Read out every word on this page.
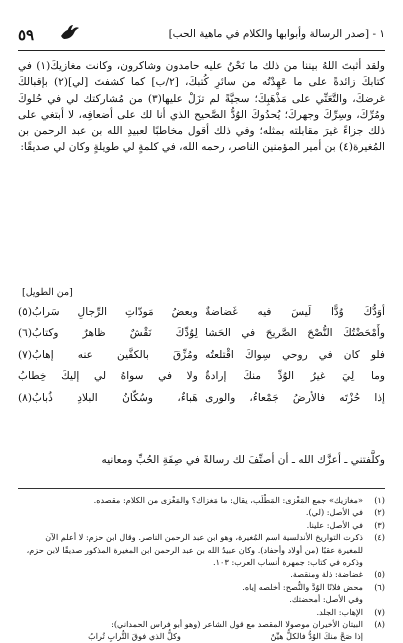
٥٩	١ - [صدر الرسالة وأبوابها والكلام في ماهية الحب]

ولقد أثبتَ اللهُ بيننا من ذلك ما نَحْنُ عليه حامدون وشاكرون، وكانت مغازيكَ(١) في كتابكَ زائدةً على ما عَهِدْتُه من سائرِ كُتبكَ، [٢/ب] كما كشفتَ [لي](٢) بإقبالكَ غرضكَ، والتَّعَنِّي على مَذْهَبِكَ؛ سجيَّةً لم تزَلْ عليها(٣) من مُشاركتك لي في حُلوكَ ومُرِّكَ، وسِرِّكَ وجهركَ؛ يُحدُوكَ الوُدُّ الصَّحيح الذي أنا لك على أضعافِه، لا أبتغي على ذلك جزاءً غيرَ مقابلته بمثله؛ وفي ذلك أقول مخاطبًا لعبيدِ الله بن عبد الرحمن بن المُغيرة(٤) بن أمير المؤمنين الناصر، رحمه الله، في كلمةٍ لي طويلةٍ وكان لي صديقًا:

[من الطويل]
أوَدُّكَ وُدًّا لَيسَ فيه غَضاضةٌ
وبعضُ مَودّاتِ الرِّجالِ سَرابُ(٥)
وأَمْحَضْتُكَ النُّصْحَ الصَّريحَ في الحَشا
لِوُدِّكَ نَقْشٌ ظاهرٌ وكتابُ(٦)
فلو كان في روحي سِواكَ اقْتلعتُه
ومُزِّقَ بالكفَّين عنه إهابُ(٧)
وما لِيَ غيرُ الوُدِّ منكَ إرادةٌ
ولا في سواهُ لي إليكَ خِطابُ
إذا حُزْتَه فالأرضُ جَمْعاءُ، والورى
هَباءٌ، وسُكّانُ البلادِ ذُبابُ(٨)

وكلَّفتني ـ أعزَّك الله ـ أن أصنِّفَ لك رسالةً في صِفَةِ الحُبِّ ومعانيه

(١)
«مغازيك» جمع المَغْزى: المَطْلَب، يقال: ما مَغزاك؟ والمَغْزى من الكلام: مقصده.
(٢)
في الأصل: (لي).
(٣)
في الأصل: علينا.
(٤)
ذكرت التواريخ الأندلسية اسم المُغيرة، وهو ابن عبد الرحمن الناصر. وقال ابن حزم: لا أعلم الآن للمغيرة عقبًا (من أولاد وأحفاد). وكان عبيدُ الله بن عبد الرحمن ابن المغيرة المذكور صديقًا لابن حزم، وذكره في كتاب: جمهرة أنساب العرب: ١٠٣.
(٥)
غضاضة: ذلة ومنقصة.
(٦)
محض فلانًا الوُدَّ والنُّصح: أخلصه إياه.
وفي الأصل: أمحضتك.
(٧)
الإهاب: الجلد.
(٨)
البيتان الأخيران موصولا المقصد مع قول الشاعر (وهو أبو فراس الحمداني):
إذا صَحَّ منكَ الوُدُّ فالكلُّ هيِّنٌ
وكلُّ الذي فوقَ التُّرابِ تُرابُ
